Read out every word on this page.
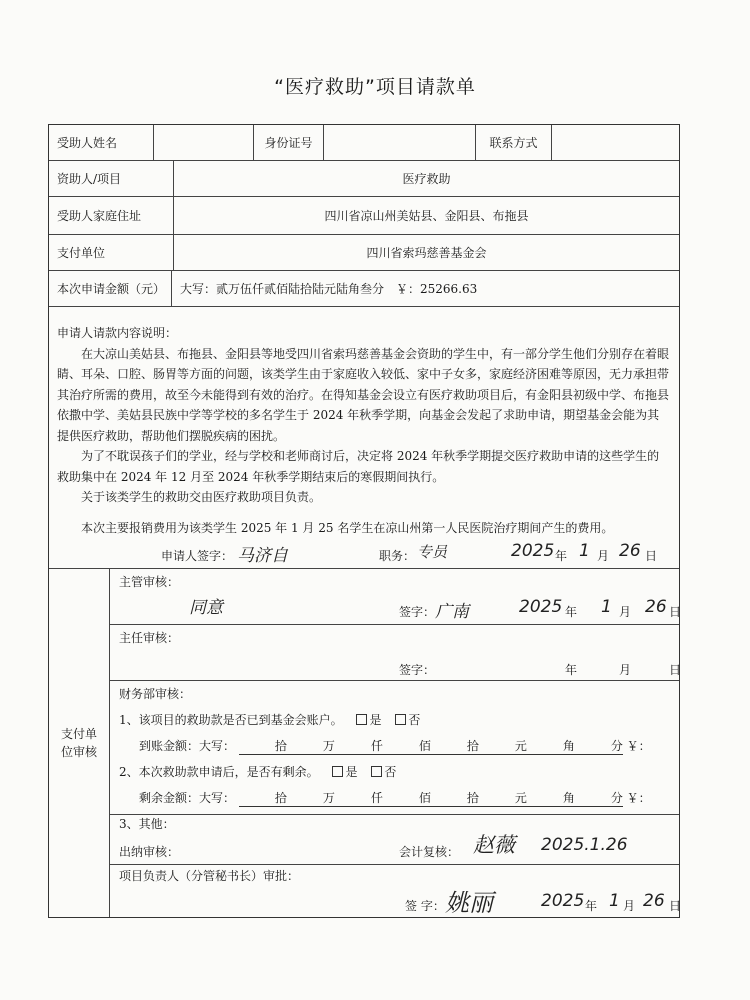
“医疗救助”项目请款单
受助人姓名	身份证号	联系方式
资助人/项目	医疗救助
受助人家庭住址	四川省凉山州美姑县、金阳县、布拖县
支付单位	四川省索玛慈善基金会
本次申请金额（元）	大写：贰万伍仟贰佰陆拾陆元陆角叁分　￥：25266.63

申请人请款内容说明：

在大凉山美姑县、布拖县、金阳县等地受四川省索玛慈善基金会资助的学生中，有一部分学生他们分别存在着眼睛、耳朵、口腔、肠胃等方面的问题，该类学生由于家庭收入较低、家中子女多，家庭经济困难等原因，无力承担带其治疗所需的费用，故至今未能得到有效的治疗。在得知基金会设立有医疗救助项目后，有金阳县初级中学、布拖县依撒中学、美姑县民族中学等学校的多名学生于 2024 年秋季学期，向基金会发起了求助申请，期望基金会能为其提供医疗救助，帮助他们摆脱疾病的困扰。

为了不耽误孩子们的学业，经与学校和老师商讨后，决定将 2024 年秋季学期提交医疗救助申请的这些学生的救助集中在 2024 年 12 月至 2024 年秋季学期结束后的寒假期间执行。

关于该类学生的救助交由医疗救助项目负责。

本次主要报销费用为该类学生 2025 年 1 月 25 名学生在凉山州第一人民医院治疗期间产生的费用。

申请人签字： 马济自	职务： 专员	2025 年 1 月 26 日
支付单位审核
主管审核：
同意	签字： 广南	2025 年 1 月 26 日
主任审核：
签字：	年	月	日
财务部审核：
1、该项目的救助款是否已到基金会账户。 是 否
到账金额：大写：	拾	万	仟	佰	拾	元	角	分 ￥：
2、本次救助款申请后，是否有剩余。 是 否
剩余金额：大写：	拾	万	仟	佰	拾	元	角	分 ￥：
3、其他：
出纳审核：	会计复核： 赵薇 2025.1.26
项目负责人（分管秘书长）审批：
签 字： 姚丽	2025 年 1 月 26 日
